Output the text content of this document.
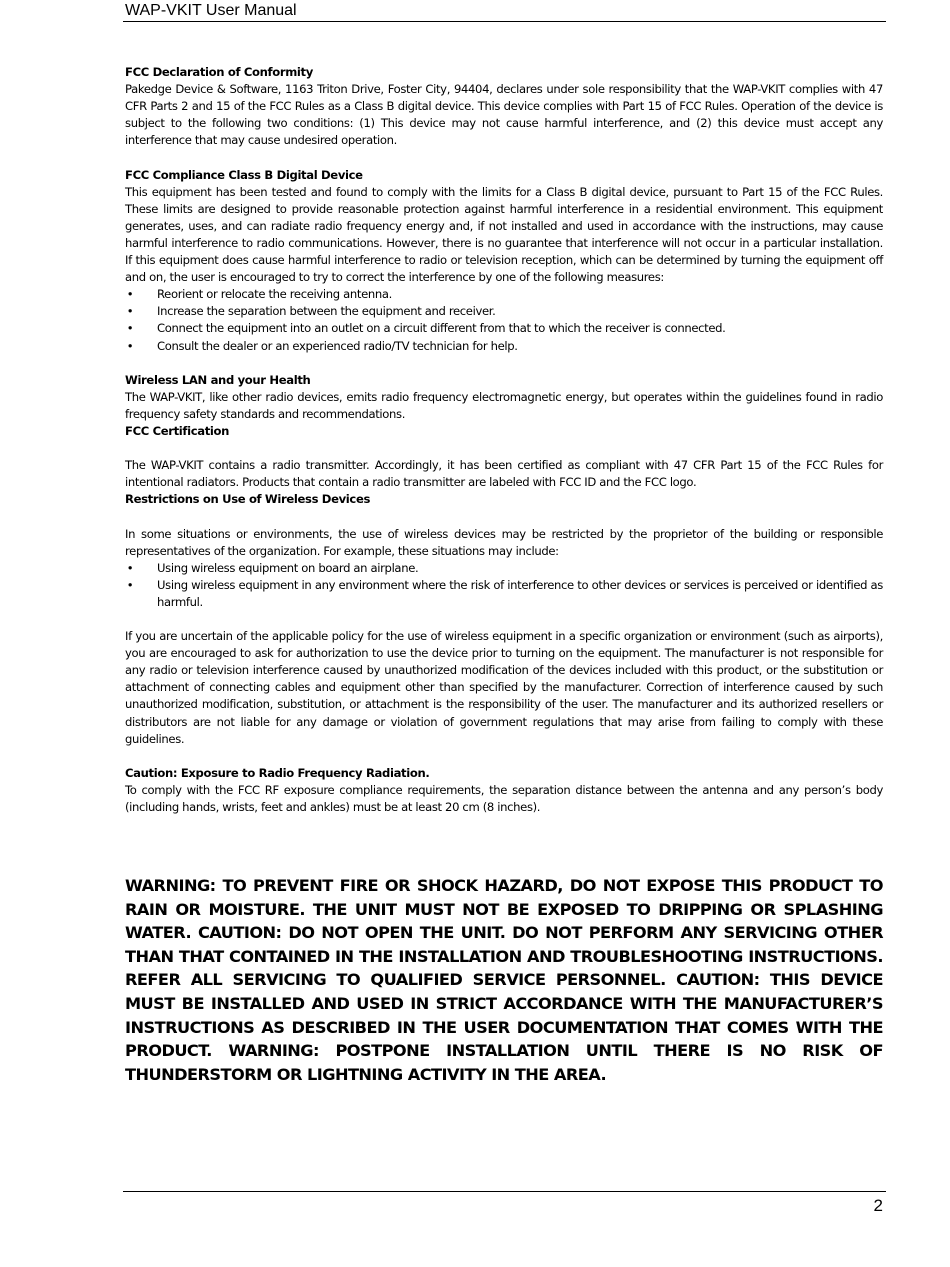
WAP-VKIT User Manual
FCC Declaration of Conformity

Pakedge Device & Software, 1163 Triton Drive, Foster City, 94404, declares under sole responsibility that the WAP-VKIT complies with 47 CFR Parts 2 and 15 of the FCC Rules as a Class B digital device. This device complies with Part 15 of FCC Rules. Operation of the device is subject to the following two conditions: (1) This device may not cause harmful interference, and (2) this device must accept any interference that may cause undesired operation.

FCC Compliance Class B Digital Device

This equipment has been tested and found to comply with the limits for a Class B digital device, pursuant to Part 15 of the FCC Rules. These limits are designed to provide reasonable protection against harmful interference in a residential environment. This equipment generates, uses, and can radiate radio frequency energy and, if not installed and used in accordance with the instructions, may cause harmful interference to radio communications. However, there is no guarantee that interference will not occur in a particular installation. If this equipment does cause harmful interference to radio or television reception, which can be determined by turning the equipment off and on, the user is encouraged to try to correct the interference by one of the following measures:

• Reorient or relocate the receiving antenna.
• Increase the separation between the equipment and receiver.
• Connect the equipment into an outlet on a circuit different from that to which the receiver is connected.
• Consult the dealer or an experienced radio/TV technician for help.
Wireless LAN and your Health

The WAP-VKIT, like other radio devices, emits radio frequency electromagnetic energy, but operates within the guidelines found in radio frequency safety standards and recommendations.

FCC Certification

The WAP-VKIT contains a radio transmitter. Accordingly, it has been certified as compliant with 47 CFR Part 15 of the FCC Rules for intentional radiators. Products that contain a radio transmitter are labeled with FCC ID and the FCC logo.

Restrictions on Use of Wireless Devices

In some situations or environments, the use of wireless devices may be restricted by the proprietor of the building or responsible representatives of the organization. For example, these situations may include:

• Using wireless equipment on board an airplane.
• Using wireless equipment in any environment where the risk of interference to other devices or services is perceived or identified as harmful.

If you are uncertain of the applicable policy for the use of wireless equipment in a specific organization or environment (such as airports), you are encouraged to ask for authorization to use the device prior to turning on the equipment. The manufacturer is not responsible for any radio or television interference caused by unauthorized modification of the devices included with this product, or the substitution or attachment of connecting cables and equipment other than specified by the manufacturer. Correction of interference caused by such unauthorized modification, substitution, or attachment is the responsibility of the user. The manufacturer and its authorized resellers or distributors are not liable for any damage or violation of government regulations that may arise from failing to comply with these guidelines.

Caution: Exposure to Radio Frequency Radiation.

To comply with the FCC RF exposure compliance requirements, the separation distance between the antenna and any person’s body (including hands, wrists, feet and ankles) must be at least 20 cm (8 inches).

WARNING: TO PREVENT FIRE OR SHOCK HAZARD, DO NOT EXPOSE THIS PRODUCT TO RAIN OR MOISTURE. THE UNIT MUST NOT BE EXPOSED TO DRIPPING OR SPLASHING WATER. CAUTION: DO NOT OPEN THE UNIT. DO NOT PERFORM ANY SERVICING OTHER THAN THAT CONTAINED IN THE INSTALLATION AND TROUBLESHOOTING INSTRUCTIONS. REFER ALL SERVICING TO QUALIFIED SERVICE PERSONNEL. CAUTION: THIS DEVICE MUST BE INSTALLED AND USED IN STRICT ACCORDANCE WITH THE MANUFACTURER’S INSTRUCTIONS AS DESCRIBED IN THE USER DOCUMENTATION THAT COMES WITH THE PRODUCT. WARNING: POSTPONE INSTALLATION UNTIL THERE IS NO RISK OF THUNDERSTORM OR LIGHTNING ACTIVITY IN THE AREA.
2
